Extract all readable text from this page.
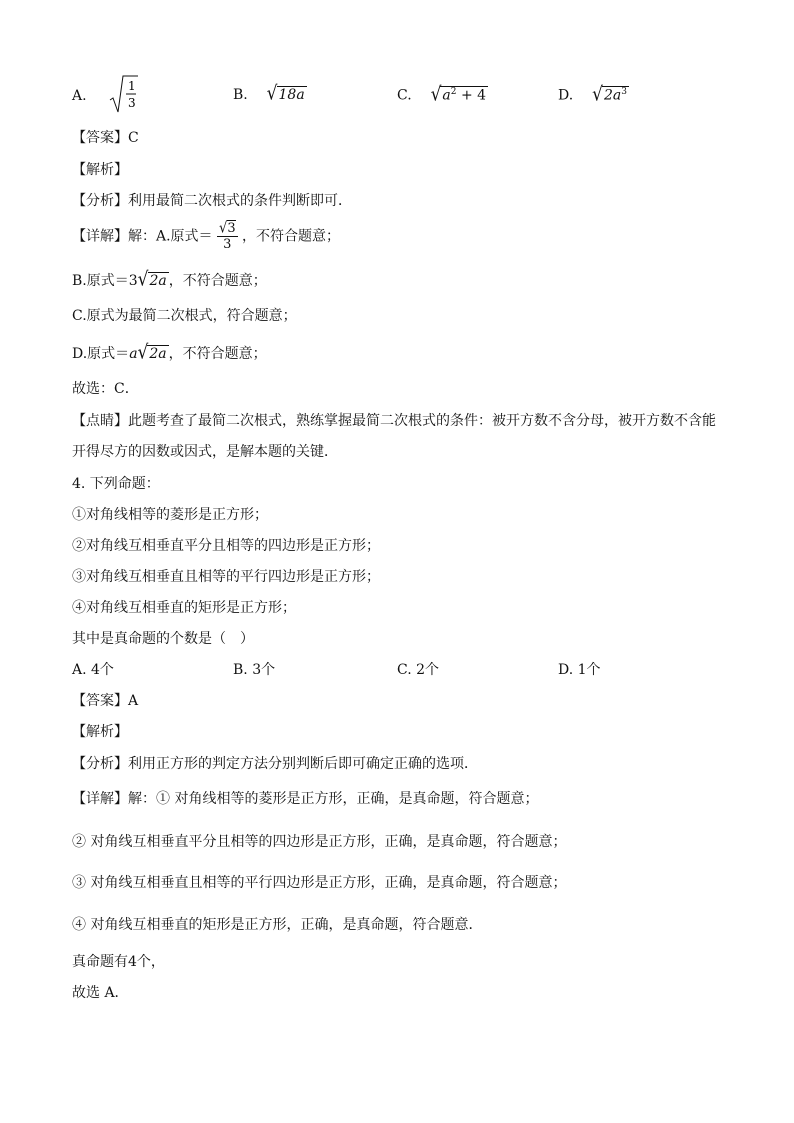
A.
1
3	B. √18a	C. $√a^2 + 4$	D. $√2a^3$
【答案】C
【解析】
【分析】利用最简二次根式的条件判断即可．
【详解】解：A.原式＝ $\frac{√3}{3}$ ，不符合题意；
B.原式＝3√2a ，不符合题意；
C.原式为最简二次根式，符合题意；
D.原式＝a√2a ，不符合题意；
故选：C．
【点睛】此题考查了最简二次根式，熟练掌握最简二次根式的条件：被开方数不含分母，被开方数不含能
开得尽方的因数或因式，是解本题的关键．
4. 下列命题：
①对角线相等的菱形是正方形；
②对角线互相垂直平分且相等的四边形是正方形；
③对角线互相垂直且相等的平行四边形是正方形；
④对角线互相垂直的矩形是正方形；
其中是真命题的个数是（　）
A. 4个	B. 3个	C. 2个	D. 1个
【答案】A
【解析】
【分析】利用正方形的判定方法分别判断后即可确定正确的选项．
【详解】解：① 对角线相等的菱形是正方形，正确，是真命题，符合题意；
② 对角线互相垂直平分且相等的四边形是正方形，正确，是真命题，符合题意；
③ 对角线互相垂直且相等的平行四边形是正方形，正确，是真命题，符合题意；
④ 对角线互相垂直的矩形是正方形，正确，是真命题，符合题意．
真命题有4个，
故选 A．
